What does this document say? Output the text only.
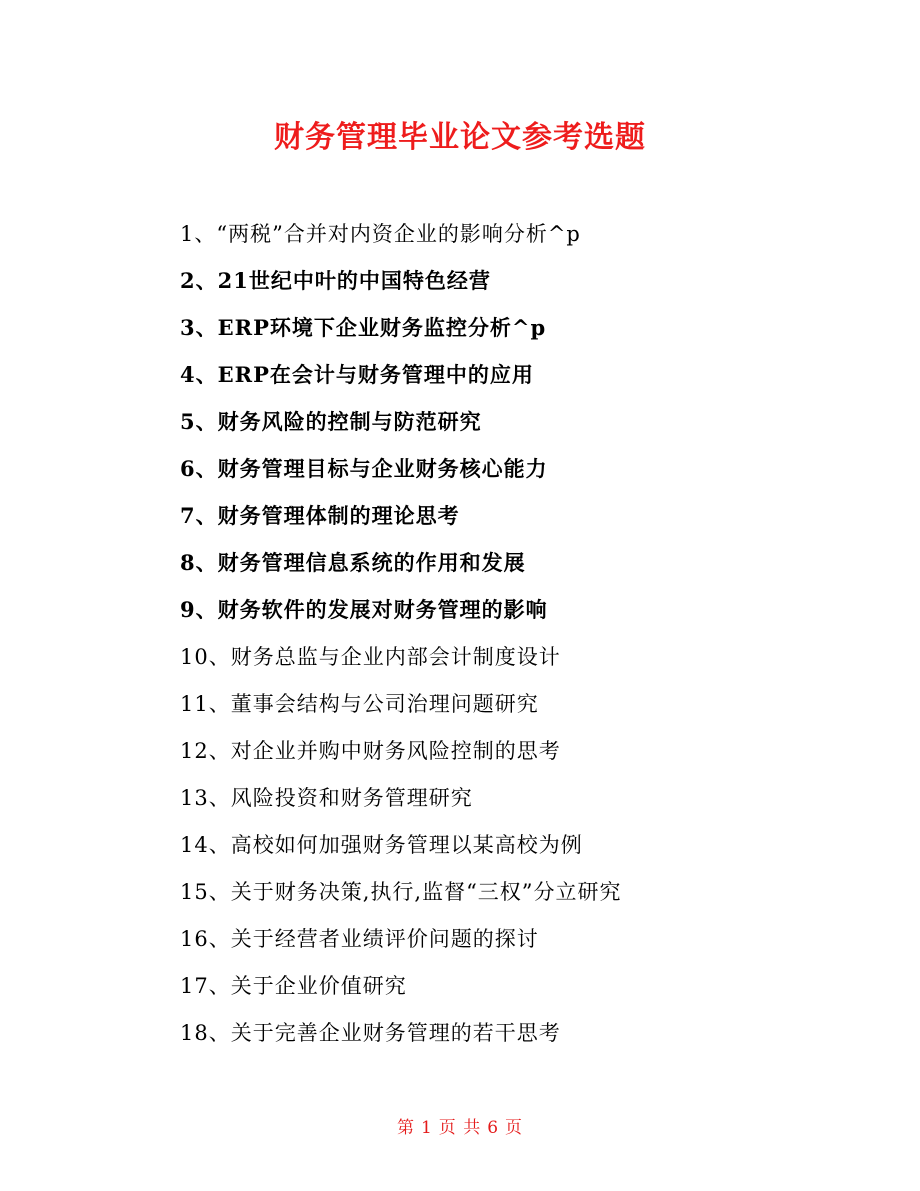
财务管理毕业论文参考选题
1、“两税”合并对内资企业的影响分析^p
2、21世纪中叶的中国特色经营
3、ERP环境下企业财务监控分析^p
4、ERP在会计与财务管理中的应用
5、财务风险的控制与防范研究
6、财务管理目标与企业财务核心能力
7、财务管理体制的理论思考
8、财务管理信息系统的作用和发展
9、财务软件的发展对财务管理的影响
10、财务总监与企业内部会计制度设计
11、董事会结构与公司治理问题研究
12、对企业并购中财务风险控制的思考
13、风险投资和财务管理研究
14、高校如何加强财务管理以某高校为例
15、关于财务决策,执行,监督“三权”分立研究
16、关于经营者业绩评价问题的探讨
17、关于企业价值研究
18、关于完善企业财务管理的若干思考
第 1 页 共 6 页
